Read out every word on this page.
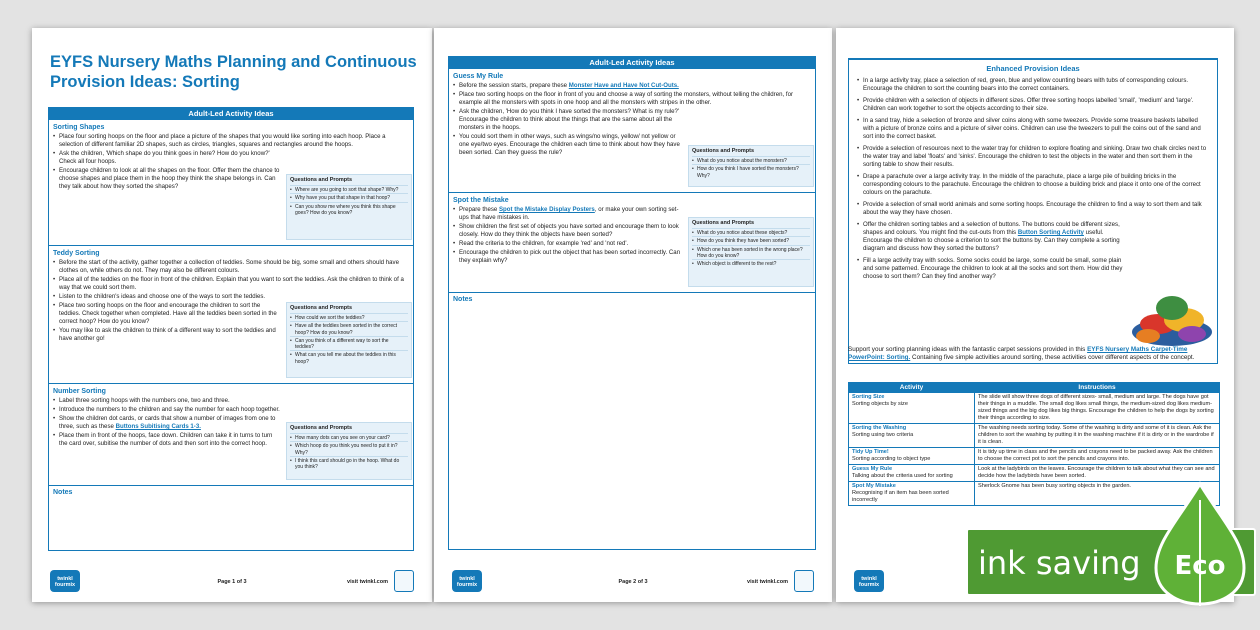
EYFS Nursery Maths Planning and Continuous Provision Ideas: Sorting
Adult-Led Activity Ideas
Sorting Shapes
• Place four sorting hoops on the floor and place a picture of the shapes that you would like sorting into each hoop. Place a selection of different familiar 2D shapes, such as circles, triangles, squares and rectangles around the hoops.
• Ask the children, 'Which shape do you think goes in here? How do you know?' Check all four hoops.
• Encourage children to look at all the shapes on the floor. Offer them the chance to choose shapes and place them in the hoop they think the shape belongs in. Can they talk about how they sorted the shapes?
Questions and Prompts
• Where are you going to sort that shape? Why?
• Why have you put that shape in that hoop?
• Can you show me where you think this shape goes? How do you know?
Teddy Sorting
• Before the start of the activity, gather together a collection of teddies. Some should be big, some small and others should have clothes on, while others do not. They may also be different colours.
• Place all of the teddies on the floor in front of the children. Explain that you want to sort the teddies. Ask the children to think of a way that we could sort them.
• Listen to the children's ideas and choose one of the ways to sort the teddies.
• Place two sorting hoops on the floor and encourage the children to sort the teddies. Check together when completed. Have all the teddies been sorted in the correct hoop? How do you know?
• You may like to ask the children to think of a different way to sort the teddies and have another go!
Questions and Prompts
• How could we sort the teddies?
• Have all the teddies been sorted in the correct hoop? How do you know?
• Can you think of a different way to sort the teddies?
• What can you tell me about the teddies in this hoop?
Number Sorting
• Label three sorting hoops with the numbers one, two and three.
• Introduce the numbers to the children and say the number for each hoop together.
• Show the children dot cards, or cards that show a number of images from one to three, such as these Buttons Subitising Cards 1-3.
• Place them in front of the hoops, face down. Children can take it in turns to turn the card over, subitise the number of dots and then sort into the correct hoop.
Questions and Prompts
• How many dots can you see on your card?
• Which hoop do you think you need to put it in? Why?
• I think this card should go in the hoop. What do you think?
Notes
twinkl fourmix	Page 1 of 3	visit twinkl.com
Adult-Led Activity Ideas
Guess My Rule
• Before the session starts, prepare these Monster Have and Have Not Cut-Outs.
• Place two sorting hoops on the floor in front of you and choose a way of sorting the monsters, without telling the children, for example all the monsters with spots in one hoop and all the monsters with stripes in the other.
• Ask the children, 'How do you think I have sorted the monsters? What is my rule?' Encourage the children to think about the things that are the same about all the monsters in the hoops.
• You could sort them in other ways, such as wings/no wings, yellow/ not yellow or one eye/two eyes. Encourage the children each time to think about how they have been sorted. Can they guess the rule?	Questions and Prompts
• What do you notice about the monsters?
• How do you think I have sorted the monsters? Why?
Spot the Mistake
• Prepare these Spot the Mistake Display Posters, or make your own sorting set-ups that have mistakes in.
• Show children the first set of objects you have sorted and encourage them to look closely. How do they think the objects have been sorted?
• Read the criteria to the children, for example 'red' and 'not red'.
• Encourage the children to pick out the object that has been sorted incorrectly. Can they explain why?
Questions and Prompts
• What do you notice about these objects?
• How do you think they have been sorted?
• Which one has been sorted in the wrong place? How do you know?
• Which object is different to the rest?
Notes
twinkl fourmix	Page 2 of 3	visit twinkl.com
Enhanced Provision Ideas
• In a large activity tray, place a selection of red, green, blue and yellow counting bears with tubs of corresponding colours. Encourage the children to sort the counting bears into the correct containers.
• Provide children with a selection of objects in different sizes. Offer three sorting hoops labelled 'small', 'medium' and 'large'. Children can work together to sort the objects according to their size.
• In a sand tray, hide a selection of bronze and silver coins along with some tweezers. Provide some treasure baskets labelled with a picture of bronze coins and a picture of silver coins. Children can use the tweezers to pull the coins out of the sand and sort into the correct basket.
• Provide a selection of resources next to the water tray for children to explore floating and sinking. Draw two chalk circles next to the water tray and label 'floats' and 'sinks'. Encourage the children to test the objects in the water and then sort them in the sorting table to show their results.
• Drape a parachute over a large activity tray. In the middle of the parachute, place a large pile of building bricks in the corresponding colours to the parachute. Encourage the children to choose a building brick and place it onto one of the correct colours on the parachute.
• Provide a selection of small world animals and some sorting hoops. Encourage the children to find a way to sort them and talk about the way they have chosen.
• Offer the children sorting tables and a selection of buttons. The buttons could be different sizes, shapes and colours. You might find the cut-outs from this Button Sorting Activity useful. Encourage the children to choose a criterion to sort the buttons by. Can they complete a sorting diagram and discuss how they sorted the buttons?
• Fill a large activity tray with socks. Some socks could be large, some could be small, some plain and some patterned. Encourage the children to look at all the socks and sort them. How did they choose to sort them? Can they find another way?
Support your sorting planning ideas with the fantastic carpet sessions provided in this EYFS Nursery Maths Carpet-Time PowerPoint: Sorting. Containing five simple activities around sorting, these activities cover different aspects of the concept.
Activity	Instructions

Sorting Size
Sorting objects by size	The slide will show three dogs of different sizes- small, medium and large. The dogs have got their things in a muddle. The small dog likes small things, the medium-sized dog likes medium-sized things and the big dog likes big things. Encourage the children to help the dogs by sorting their things according to size.

Sorting the Washing
Sorting using two criteria	The washing needs sorting today. Some of the washing is dirty and some of it is clean. Ask the children to sort the washing by putting it in the washing machine if it is dirty or in the wardrobe if it is clean.

Tidy Up Time!
Sorting according to object type	It is tidy up time in class and the pencils and crayons need to be packed away. Ask the children to choose the correct pot to sort the pencils and crayons into.

Guess My Rule
Talking about the criteria used for sorting	Look at the ladybirds on the leaves. Encourage the children to talk about what they can see and decide how the ladybirds have been sorted.

Spot My Mistake
Recognising if an item has been sorted incorrectly	Sherlock Gnome has been busy sorting objects in the garden.
twinkl fourmix
ink saving Eco
